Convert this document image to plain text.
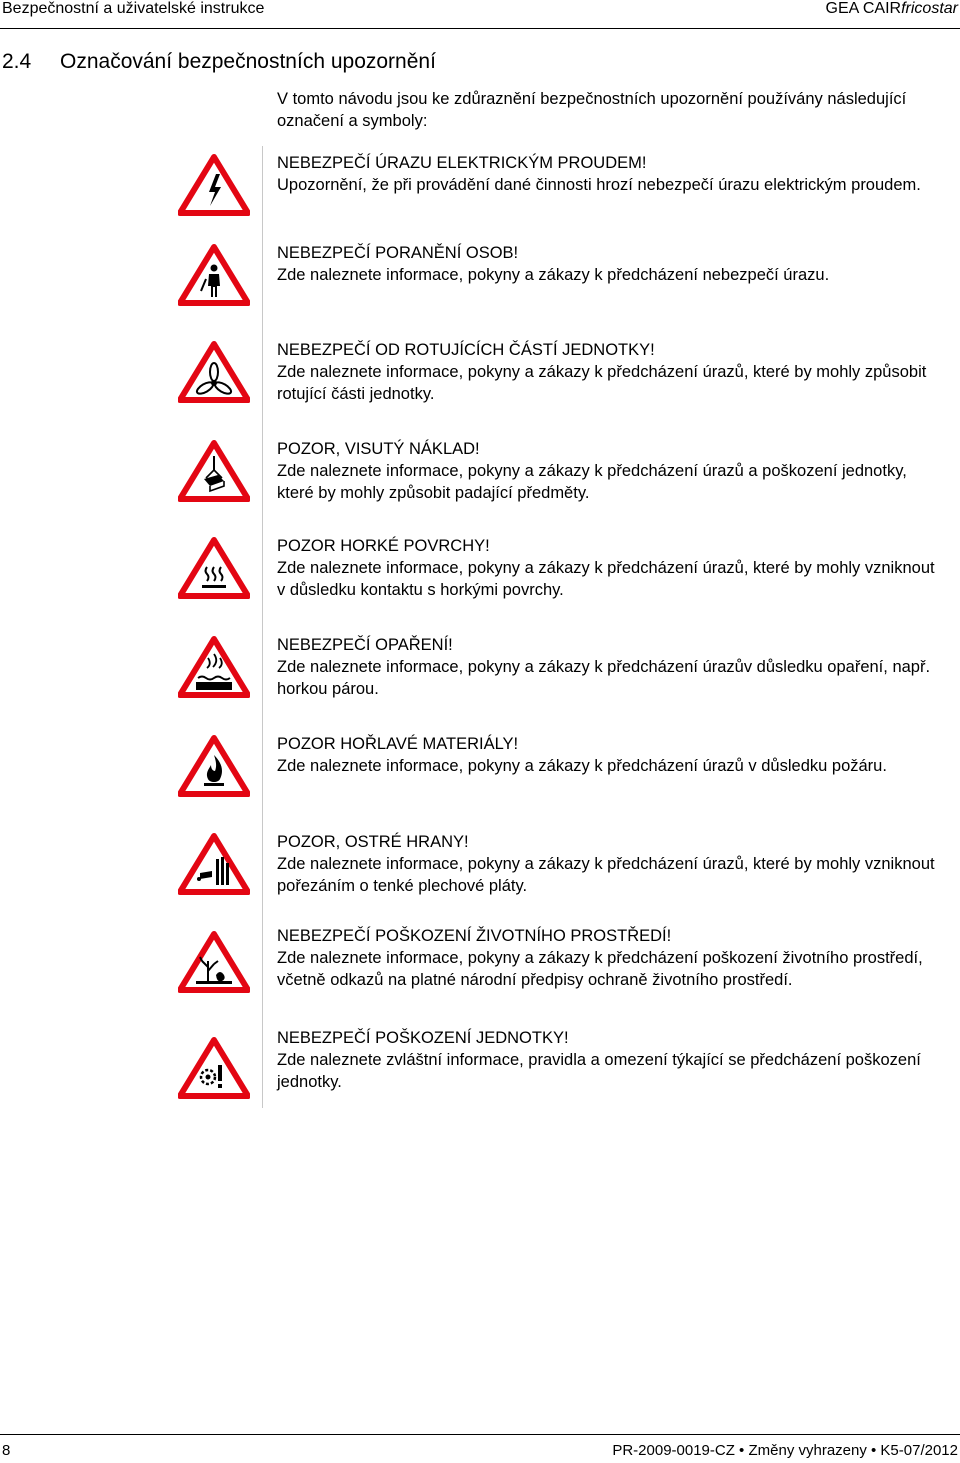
Bezpečnostní a uživatelské instrukce	GEA CAIRfricostar
2.4 Označování bezpečnostních upozornění

V tomto návodu jsou ke zdůraznění bezpečnostních upozornění používány následující označení a symboly:

NEBEZPEČÍ ÚRAZU ELEKTRICKÝM PROUDEM!

Upozornění, že při provádění dané činnosti hrozí nebezpečí úrazu elektrickým proudem.

NEBEZPEČÍ PORANĚNÍ OSOB!

Zde naleznete informace, pokyny a zákazy k předcházení nebezpečí úrazu.

NEBEZPEČÍ OD ROTUJÍCÍCH ČÁSTÍ JEDNOTKY!

Zde naleznete informace, pokyny a zákazy k předcházení úrazů, které by mohly způsobit rotující části jednotky.

POZOR, VISUTÝ NÁKLAD!

Zde naleznete informace, pokyny a zákazy k předcházení úrazů a poškození jednotky, které by mohly způsobit padající předměty.

POZOR HORKÉ POVRCHY!

Zde naleznete informace, pokyny a zákazy k předcházení úrazů, které by mohly vzniknout v důsledku kontaktu s horkými povrchy.

NEBEZPEČÍ OPAŘENÍ!

Zde naleznete informace, pokyny a zákazy k předcházení úrazův důsledku opaření, např. horkou párou.

POZOR HOŘLAVÉ MATERIÁLY!

Zde naleznete informace, pokyny a zákazy k předcházení úrazů v důsledku požáru.

POZOR, OSTRÉ HRANY!

Zde naleznete informace, pokyny a zákazy k předcházení úrazů, které by mohly vzniknout pořezáním o tenké plechové pláty.

NEBEZPEČÍ POŠKOZENÍ ŽIVOTNÍHO PROSTŘEDÍ!

Zde naleznete informace, pokyny a zákazy k předcházení poškození životního prostředí, včetně odkazů na platné národní předpisy ochraně životního prostředí.

NEBEZPEČÍ POŠKOZENÍ JEDNOTKY!

Zde naleznete zvláštní informace, pravidla a omezení týkající se předcházení poškození jednotky.

8	PR-2009-0019-CZ • Změny vyhrazeny • K5-07/2012
